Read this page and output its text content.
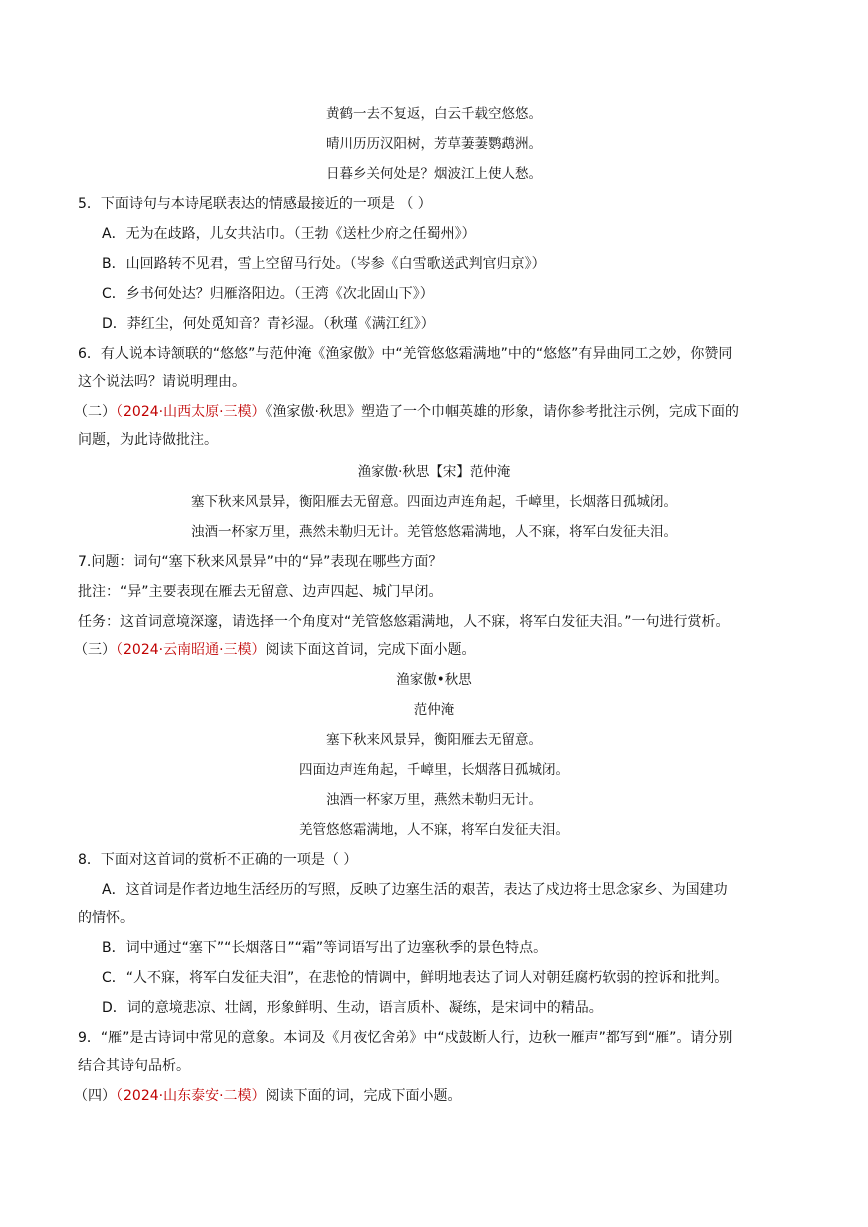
黄鹤一去不复返，白云千载空悠悠。
晴川历历汉阳树，芳草萋萋鹦鹉洲。
日暮乡关何处是？烟波江上使人愁。
5．下面诗句与本诗尾联表达的情感最接近的一项是 （ ）
A．无为在歧路，儿女共沾巾。（王勃《送杜少府之任蜀州》）
B．山回路转不见君，雪上空留马行处。（岑参《白雪歌送武判官归京》）
C．乡书何处达？归雁洛阳边。（王湾《次北固山下》）
D．莽红尘，何处觅知音？青衫湿。（秋瑾《满江红》）
6．有人说本诗颔联的“悠悠”与范仲淹《渔家傲》中“羌管悠悠霜满地”中的“悠悠”有异曲同工之妙，你赞同
这个说法吗？请说明理由。
（二）（2024·山西太原·三模）《渔家傲·秋思》塑造了一个巾帼英雄的形象，请你参考批注示例，完成下面的
问题，为此诗做批注。
渔家傲·秋思【宋】范仲淹
塞下秋来风景异，衡阳雁去无留意。四面边声连角起，千嶂里，长烟落日孤城闭。
浊酒一杯家万里，燕然未勒归无计。羌管悠悠霜满地，人不寐，将军白发征夫泪。
7.问题：词句“塞下秋来风景异”中的“异”表现在哪些方面？
批注：“异”主要表现在雁去无留意、边声四起、城门早闭。
任务：这首词意境深邃，请选择一个角度对“羌管悠悠霜满地，人不寐，将军白发征夫泪。”一句进行赏析。
（三）（2024·云南昭通·三模）阅读下面这首词，完成下面小题。
渔家傲•秋思
范仲淹
塞下秋来风景异，衡阳雁去无留意。
四面边声连角起，千嶂里，长烟落日孤城闭。
浊酒一杯家万里，燕然未勒归无计。
羌管悠悠霜满地，人不寐，将军白发征夫泪。
8．下面对这首词的赏析不正确的一项是（ ）
A．这首词是作者边地生活经历的写照，反映了边塞生活的艰苦，表达了戍边将士思念家乡、为国建功
的情怀。
B．词中通过“塞下”“长烟落日”“霜”等词语写出了边塞秋季的景色特点。
C．“人不寐，将军白发征夫泪”，在悲怆的情调中，鲜明地表达了词人对朝廷腐朽软弱的控诉和批判。
D．词的意境悲凉、壮阔，形象鲜明、生动，语言质朴、凝练，是宋词中的精品。
9．“雁”是古诗词中常见的意象。本词及《月夜忆舍弟》中“戍鼓断人行，边秋一雁声”都写到“雁”。请分别
结合其诗句品析。
（四）（2024·山东泰安·二模）阅读下面的词，完成下面小题。
